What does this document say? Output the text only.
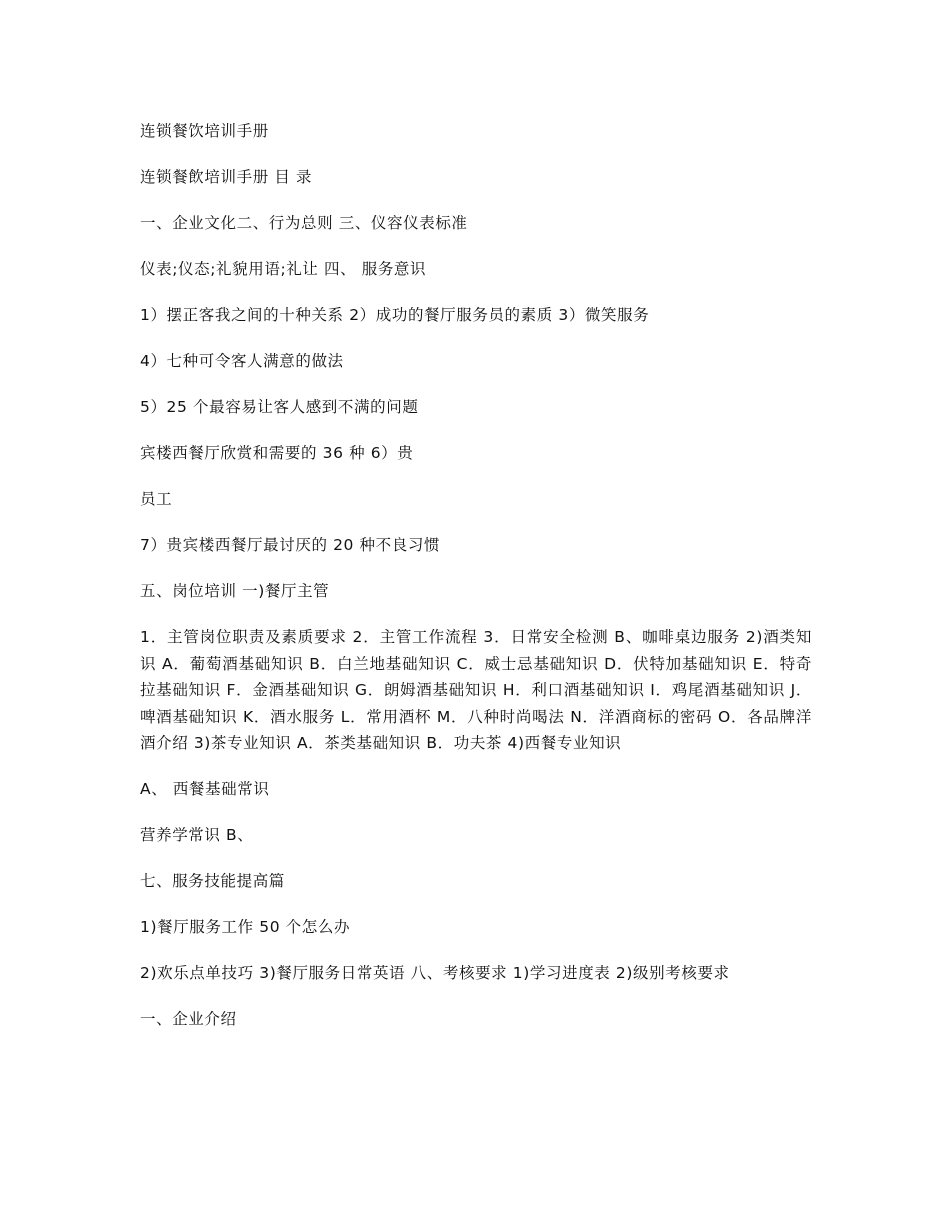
连锁餐饮培训手册
连锁餐飲培训手册 目 录
一、企业文化二、行为总则 三、仪容仪表标准
仪表;仪态;礼貌用语;礼让 四、 服务意识
1）摆正客我之间的十种关系 2）成功的餐厅服务员的素质 3）微笑服务
4）七种可令客人满意的做法
5）25 个最容易让客人感到不满的问题
宾楼西餐厅欣赏和需要的 36 种 6）贵
员工
7）贵宾楼西餐厅最讨厌的 20 种不良习惯
五、岗位培训 一)餐厅主管
1．主管岗位职责及素质要求 2．主管工作流程 3．日常安全检测 B、咖啡桌边服务 2)酒类知识 A．葡萄酒基础知识 B．白兰地基础知识 C．威士忌基础知识 D．伏特加基础知识 E．特奇拉基础知识 F．金酒基础知识 G．朗姆酒基础知识 H．利口酒基础知识 I．鸡尾酒基础知识 J．啤酒基础知识 K．酒水服务 L．常用酒杯 M．八种时尚喝法 N．洋酒商标的密码 O．各品牌洋酒介绍 3)茶专业知识 A．茶类基础知识 B．功夫茶 4)西餐专业知识
A、 西餐基础常识
营养学常识 B、
七、服务技能提高篇
1)餐厅服务工作 50 个怎么办
2)欢乐点单技巧 3)餐厅服务日常英语 八、考核要求 1)学习进度表 2)级别考核要求
一、企业介绍
